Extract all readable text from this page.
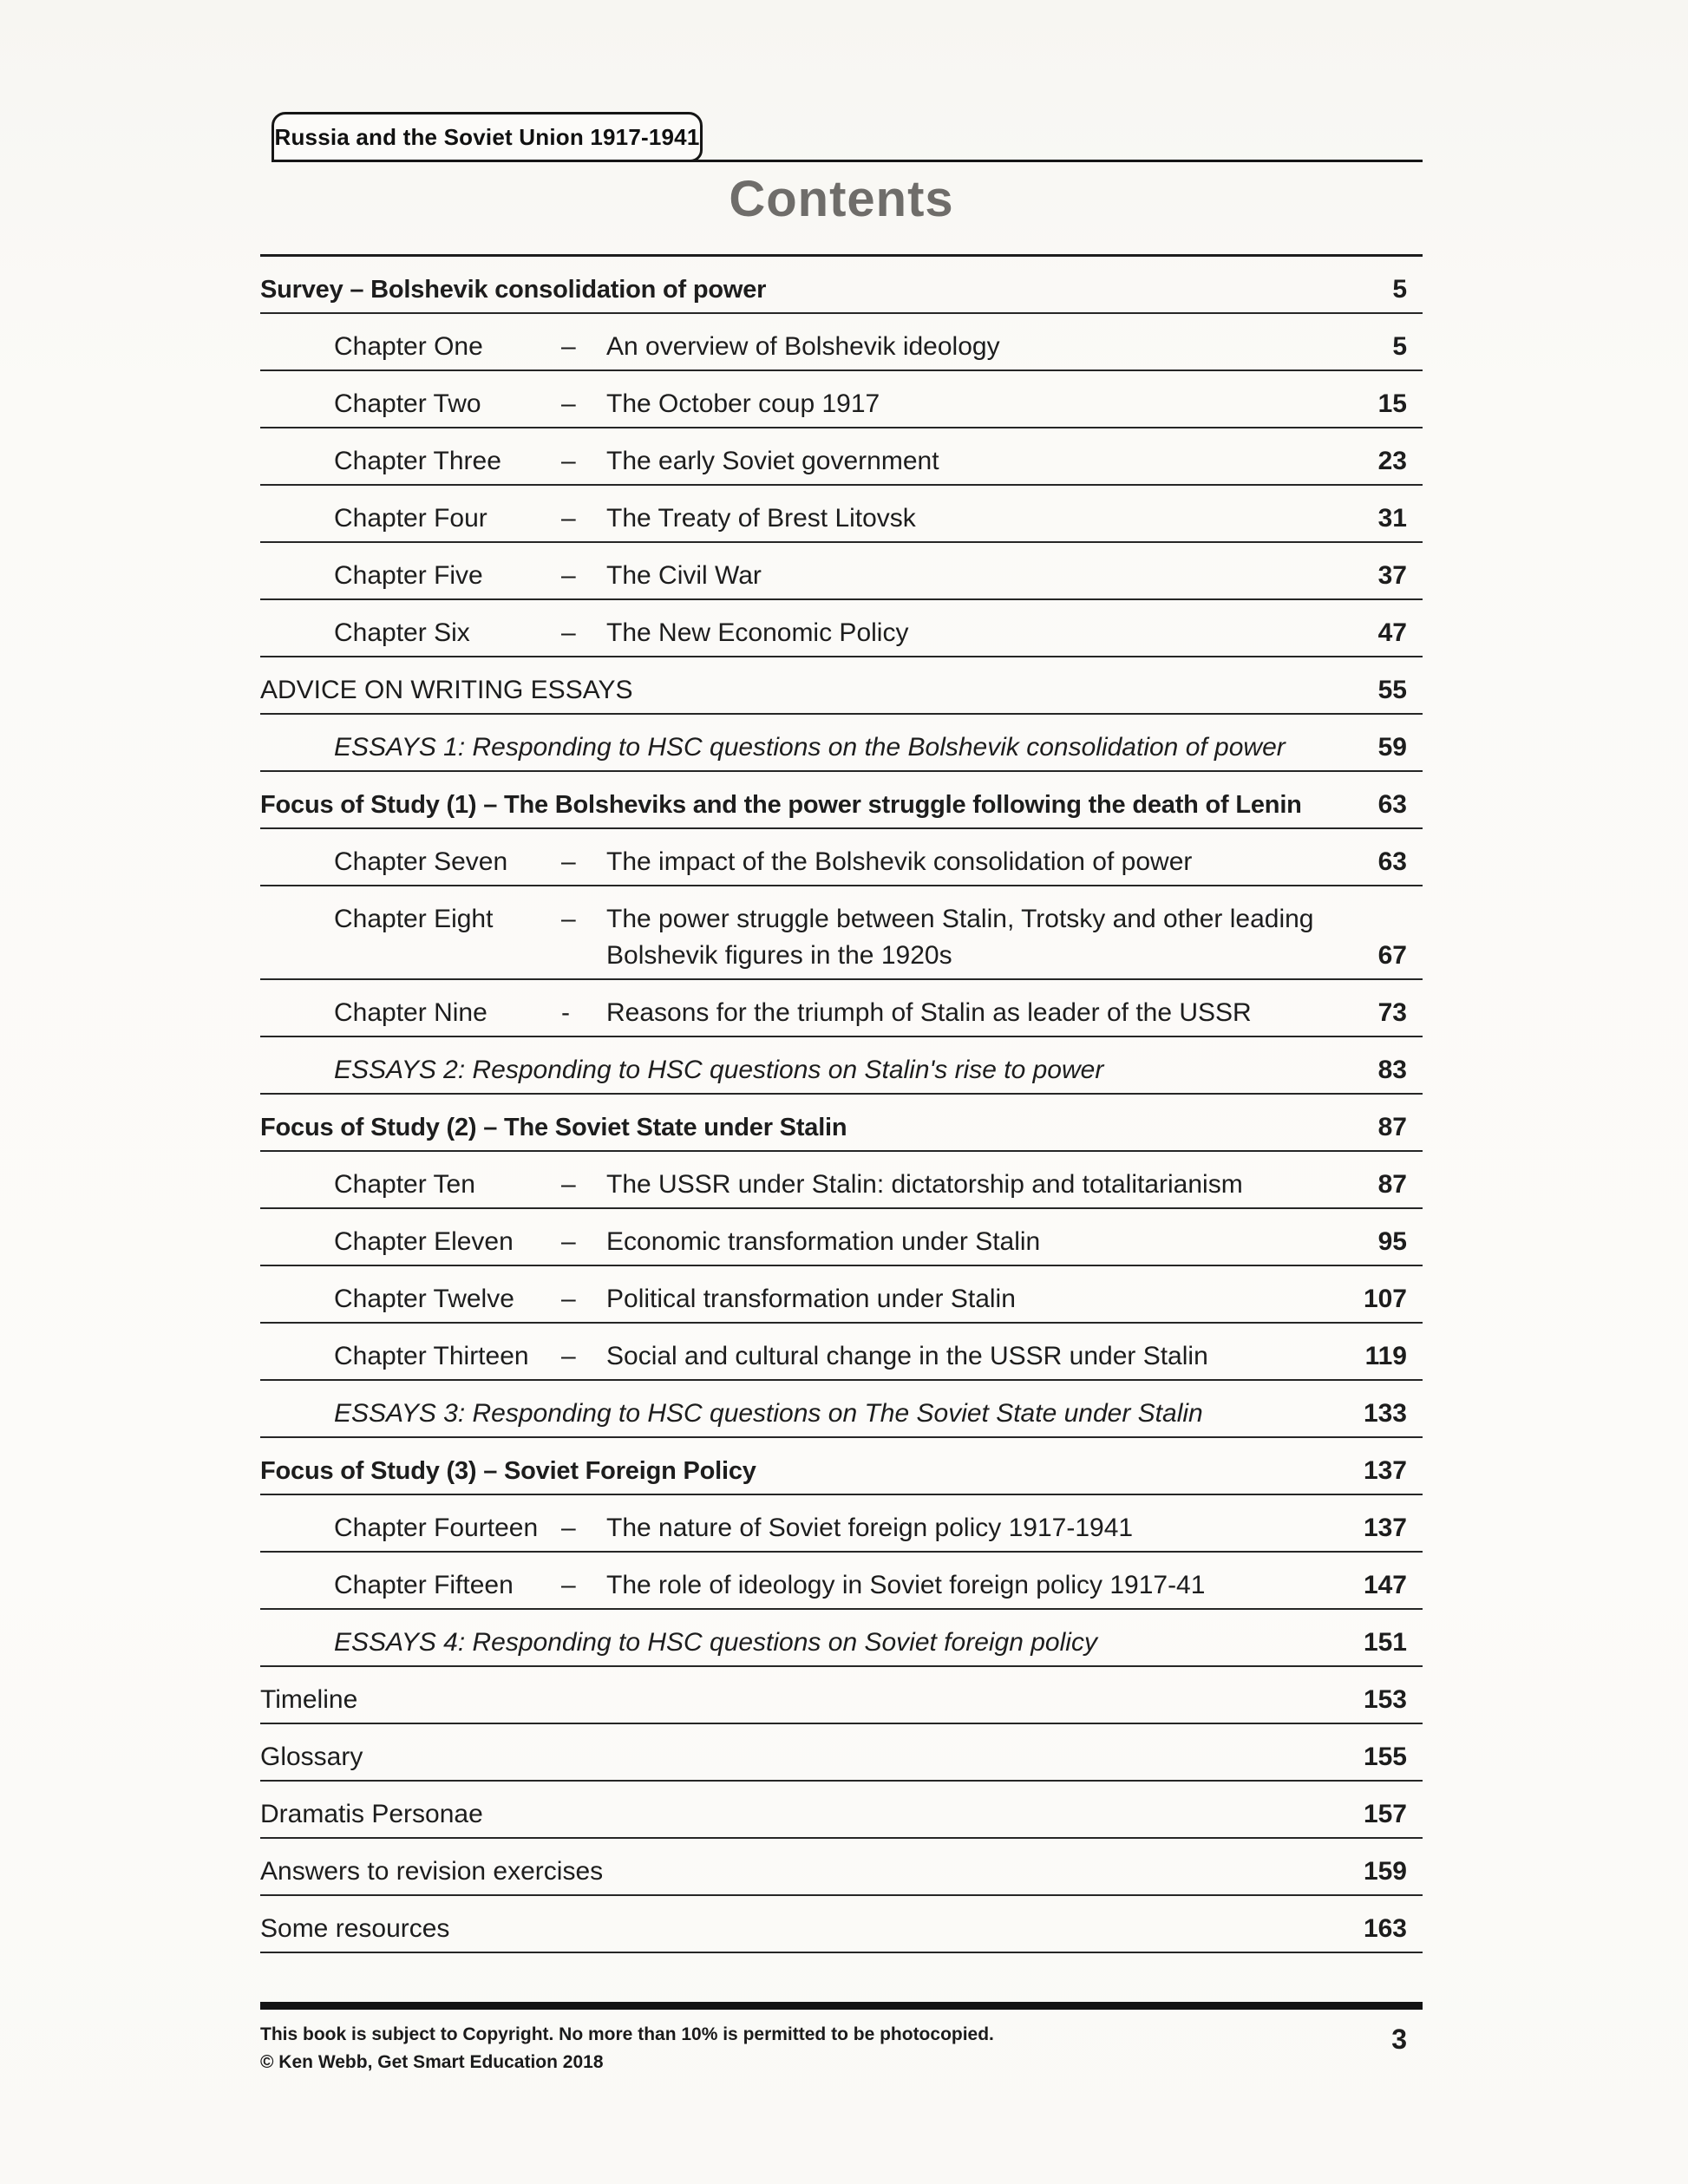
Russia and the Soviet Union 1917-1941
Contents
Survey – Bolshevik consolidation of power	5
Chapter One	–	An overview of Bolshevik ideology	5
Chapter Two	–	The October coup 1917	15
Chapter Three	–	The early Soviet government	23
Chapter Four	–	The Treaty of Brest Litovsk	31
Chapter Five	–	The Civil War	37
Chapter Six	–	The New Economic Policy	47
ADVICE ON WRITING ESSAYS	55
ESSAYS 1: Responding to HSC questions on the Bolshevik consolidation of power	59
Focus of Study (1) – The Bolsheviks and the power struggle following the death of Lenin	63
Chapter Seven	–	The impact of the Bolshevik consolidation of power	63
Chapter Eight	–	The power struggle between Stalin, Trotsky and other leading
Bolshevik figures in the 1920s	67
Chapter Nine	-	Reasons for the triumph of Stalin as leader of the USSR	73
ESSAYS 2: Responding to HSC questions on Stalin's rise to power	83
Focus of Study (2) – The Soviet State under Stalin	87
Chapter Ten	–	The USSR under Stalin: dictatorship and totalitarianism	87
Chapter Eleven	–	Economic transformation under Stalin	95
Chapter Twelve	–	Political transformation under Stalin	107
Chapter Thirteen	–	Social and cultural change in the USSR under Stalin	119
ESSAYS 3: Responding to HSC questions on The Soviet State under Stalin	133
Focus of Study (3) – Soviet Foreign Policy	137
Chapter Fourteen –	The nature of Soviet foreign policy 1917-1941	137
Chapter Fifteen	–	The role of ideology in Soviet foreign policy 1917-41	147
ESSAYS 4: Responding to HSC questions on Soviet foreign policy	151
Timeline	153
Glossary	155
Dramatis Personae	157
Answers to revision exercises	159
Some resources	163

This book is subject to Copyright. No more than 10% is permitted to be photocopied.

© Ken Webb, Get Smart Education 2018

3
